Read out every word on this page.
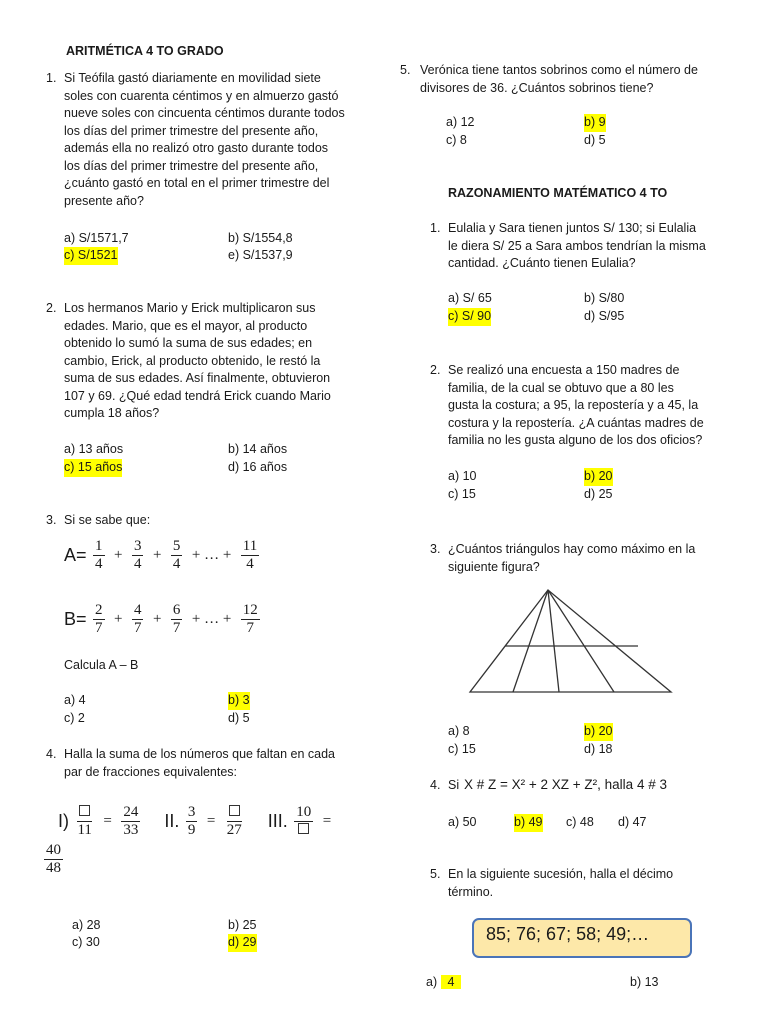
ARITMÉTICA 4 TO GRADO
1. Si Teófila gastó diariamente en movilidad siete
soles con cuarenta céntimos y en almuerzo gastó
nueve soles con cincuenta céntimos durante todos
los días del primer trimestre del presente año,
además ella no realizó otro gasto durante todos
los días del primer trimestre del presente año,
¿cuánto gastó en total en el primer trimestre del
presente año?
a) S/1571,7	b) S/1554,8
c) S/1521	e) S/1537,9
2. Los hermanos Mario y Erick multiplicaron sus
edades. Mario, que es el mayor, al producto
obtenido lo sumó la suma de sus edades; en
cambio, Erick, al producto obtenido, le restó la
suma de sus edades. Así finalmente, obtuvieron
107 y 69. ¿Qué edad tendrá Erick cuando Mario
cumpla 18 años?
a) 13 años	b) 14 años
c) 15 años	d) 16 años
3. Si se sabe que:
$A= \frac{1}{4} + \frac{3}{4} + \frac{5}{4}$ + … + $\frac{11}{4}$
$B= \frac{2}{7} + \frac{4}{7} + \frac{6}{7}$ + … + $\frac{12}{7}$
Calcula A – B
a) 4	b) 3
c) 2	d) 5
4. Halla la suma de los números que faltan en cada
par de fracciones equivalentes:
I) 11
= $\frac{24}{33}$ II. $\frac{3}{9}$ =
27 III. 10
=
$\frac{40}{48}$
a) 28	b) 25
c) 30	d) 29
5. Verónica tiene tantos sobrinos como el número de
divisores de 36. ¿Cuántos sobrinos tiene?
a) 12	b) 9
c) 8	d) 5
RAZONAMIENTO MATÉMATICO 4 TO
1. Eulalia y Sara tienen juntos S/ 130; si Eulalia
le diera S/ 25 a Sara ambos tendrían la misma
cantidad. ¿Cuánto tienen Eulalia?
a) S/ 65	b) S/80
c) S/ 90	d) S/95
2. Se realizó una encuesta a 150 madres de
familia, de la cual se obtuvo que a 80 les
gusta la costura; a 95, la repostería y a 45, la
costura y la repostería. ¿A cuántas madres de
familia no les gusta alguno de los dos oficios?
a) 10	b) 20
c) 15	d) 25
3. ¿Cuántos triángulos hay como máximo en la
siguiente figura?
a) 8	b) 20
c) 15	d) 18
4. Si X # Z = X² + 2 XZ + Z², halla 4 # 3
a) 50	b) 49 c) 48 d) 47
5. En la siguiente sucesión, halla el décimo
término.
85; 76; 67; 58; 49;…
a)   4	b) 13
